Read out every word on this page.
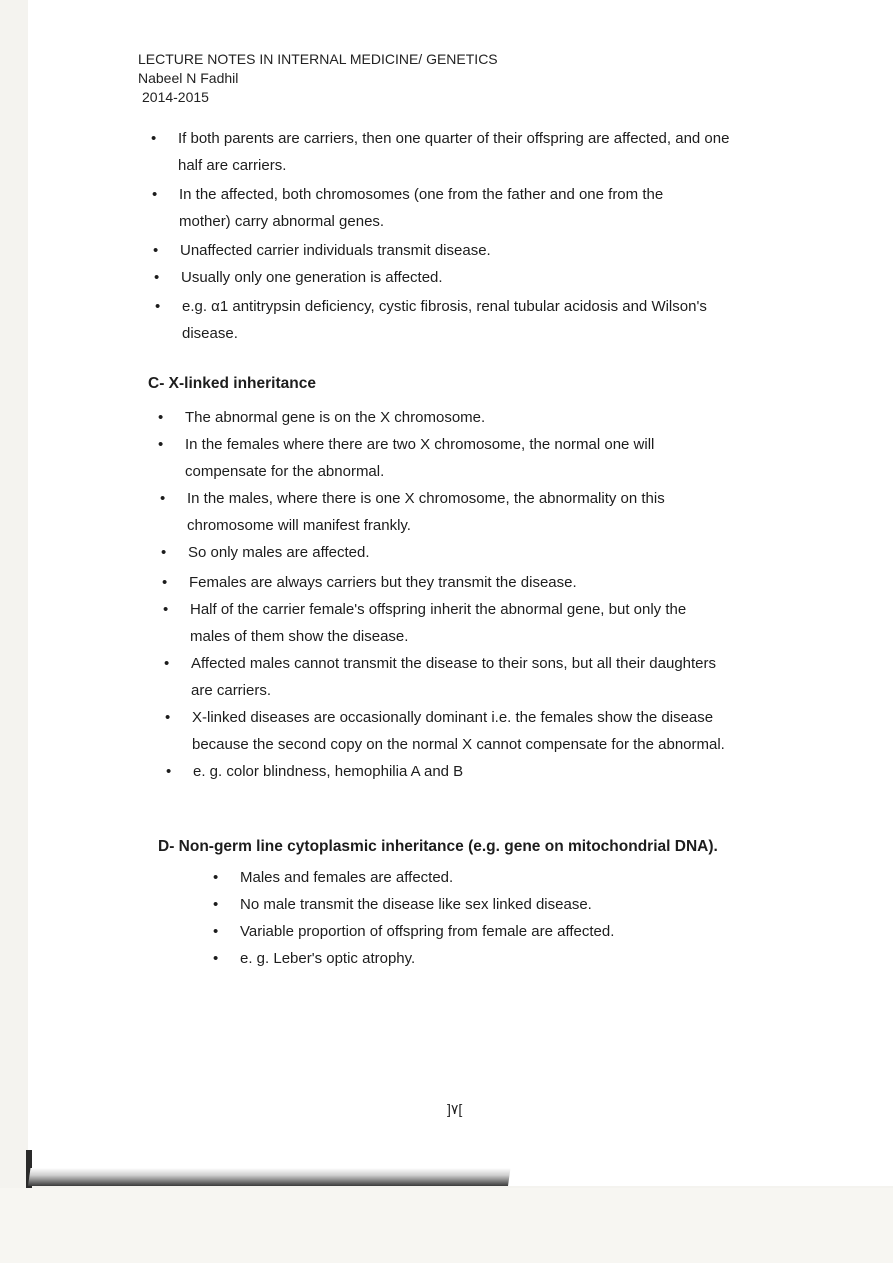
LECTURE NOTES IN INTERNAL MEDICINE/ GENETICS
Nabeel N Fadhil
2014-2015
• If both parents are carriers, then one quarter of their offspring are affected, and one half are carriers.
• In the affected, both chromosomes (one from the father and one from the mother) carry abnormal genes.
• Unaffected carrier individuals transmit disease.
• Usually only one generation is affected.
• e.g. α1 antitrypsin deficiency, cystic fibrosis, renal tubular acidosis and Wilson's disease.
C- X-linked inheritance
• The abnormal gene is on the X chromosome.
• In the females where there are two X chromosome, the normal one will compensate for the abnormal.
• In the males, where there is one X chromosome, the abnormality on this chromosome will manifest frankly.
• So only males are affected.
• Females are always carriers but they transmit the disease.
• Half of the carrier female's offspring inherit the abnormal gene, but only the males of them show the disease.
• Affected males cannot transmit the disease to their sons, but all their daughters are carriers.
• X-linked diseases are occasionally dominant i.e. the females show the disease because the second copy on the normal X cannot compensate for the abnormal.
• e. g. color blindness, hemophilia A and B
D- Non-germ line cytoplasmic inheritance (e.g. gene on mitochondrial DNA).
• Males and females are affected.
• No male transmit the disease like sex linked disease.
• Variable proportion of offspring from female are affected.
• e. g. Leber's optic atrophy.
]٧[
